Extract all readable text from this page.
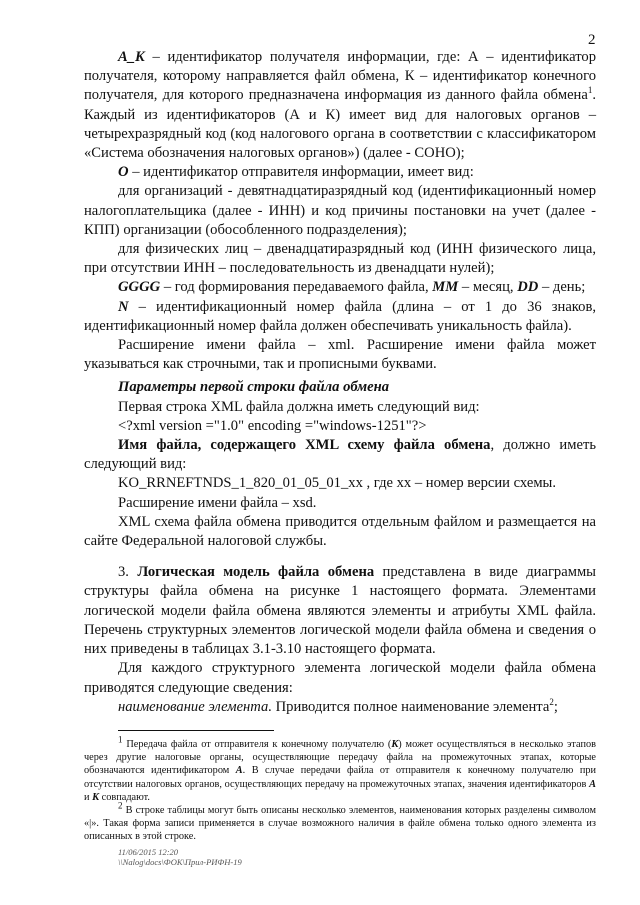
2

A_K – идентификатор получателя информации, где: А – идентификатор получателя, которому направляется файл обмена, К – идентификатор конечного получателя, для которого предназначена информация из данного файла обмена$^1$. Каждый из идентификаторов (А и К) имеет вид для налоговых органов – четырехразрядный код (код налогового органа в соответствии с классификатором «Система обозначения налоговых органов») (далее - СОНО);

O – идентификатор отправителя информации, имеет вид:

для организаций - девятнадцатиразрядный код (идентификационный номер налогоплательщика (далее - ИНН) и код причины постановки на учет (далее - КПП) организации (обособленного подразделения);

для физических лиц – двенадцатиразрядный код (ИНН физического лица, при отсутствии ИНН – последовательность из двенадцати нулей);

GGGG – год формирования передаваемого файла, MM – месяц, DD – день;

N – идентификационный номер файла (длина – от 1 до 36 знаков, идентификационный номер файла должен обеспечивать уникальность файла).

Расширение имени файла – xml. Расширение имени файла может указываться как строчными, так и прописными буквами.

Параметры первой строки файла обмена

Первая строка XML файла должна иметь следующий вид:

<?xml version ="1.0" encoding ="windows-1251"?>

Имя файла, содержащего XML схему файла обмена, должно иметь следующий вид:

KO_RRNEFTNDS_1_820_01_05_01_xx , где хх – номер версии схемы.

Расширение имени файла – xsd.

XML схема файла обмена приводится отдельным файлом и размещается на сайте Федеральной налоговой службы.

3. Логическая модель файла обмена представлена в виде диаграммы структуры файла обмена на рисунке 1 настоящего формата. Элементами логической модели файла обмена являются элементы и атрибуты XML файла. Перечень структурных элементов логической модели файла обмена и сведения о них приведены в таблицах 3.1-3.10 настоящего формата.

Для каждого структурного элемента логической модели файла обмена приводятся следующие сведения:

наименование элемента. Приводится полное наименование элемента$^2$;

$^1$ Передача файла от отправителя к конечному получателю (К) может осуществляться в несколько этапов через другие налоговые органы, осуществляющие передачу файла на промежуточных этапах, которые обозначаются идентификатором А. В случае передачи файла от отправителя к конечному получателю при отсутствии налоговых органов, осуществляющих передачу на промежуточных этапах, значения идентификаторов А и К совпадают.

$^2$ В строке таблицы могут быть описаны несколько элементов, наименования которых разделены символом «|». Такая форма записи применяется в случае возможного наличия в файле обмена только одного элемента из описанных в этой строке.

11/06/2015 12:20
\\Nalog\docs\ФОК\Прил-РИФН-19
